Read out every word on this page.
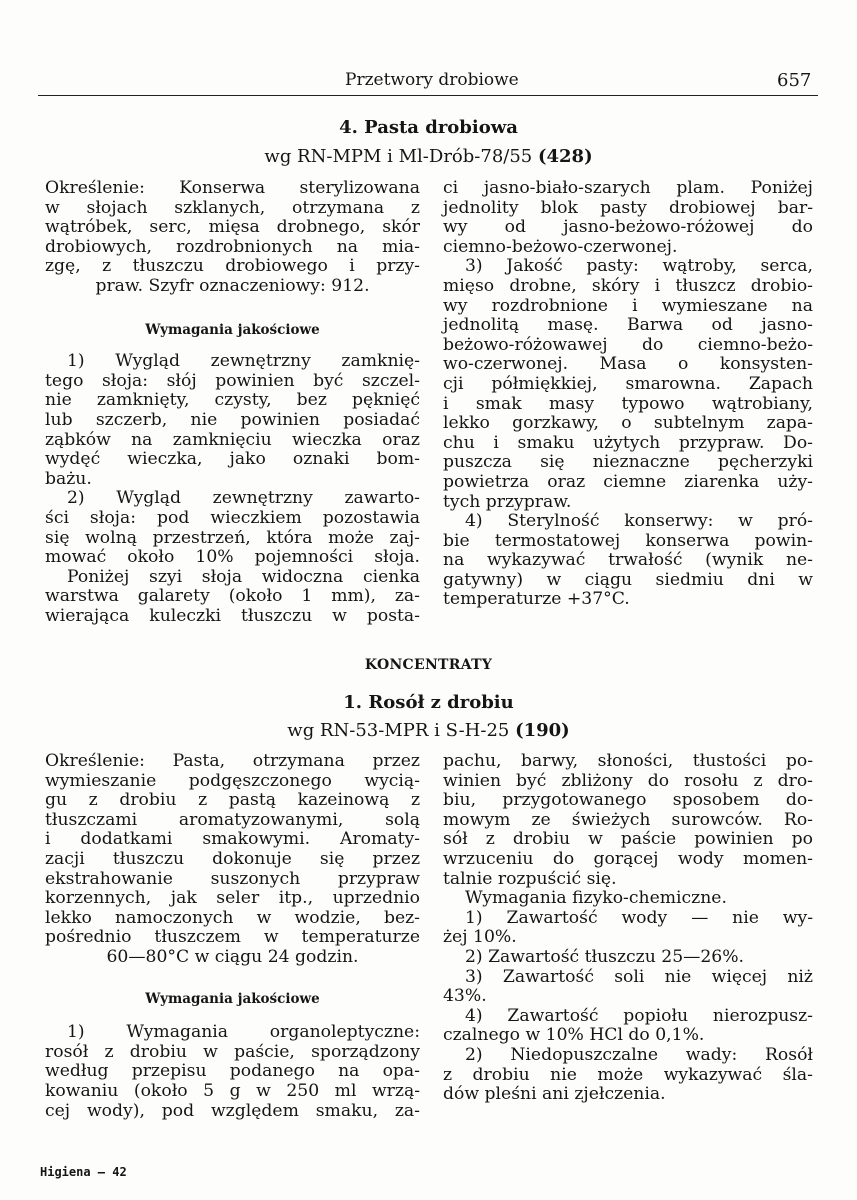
Przetwory drobiowe	657
4. Pasta drobiowa
wg RN-MPM i Ml-Drób-78/55 (428)
Określenie: Konserwa sterylizowana
w słojach szklanych, otrzymana z
wątróbek, serc, mięsa drobnego, skór
drobiowych, rozdrobnionych na mia-
zgę, z tłuszczu drobiowego i przy-
praw. Szyfr oznaczeniowy: 912.
Wymagania jakościowe
1) Wygląd zewnętrzny zamknię-
tego słoja: słój powinien być szczel-
nie zamknięty, czysty, bez pęknięć
lub szczerb, nie powinien posiadać
ząbków na zamknięciu wieczka oraz
wydęć wieczka, jako oznaki bom-
bażu.
2) Wygląd zewnętrzny zawarto-
ści słoja: pod wieczkiem pozostawia
się wolną przestrzeń, która może zaj-
mować około 10% pojemności słoja.
Poniżej szyi słoja widoczna cienka
warstwa galarety (około 1 mm), za-
wierająca kuleczki tłuszczu w posta-
ci jasno-biało-szarych plam. Poniżej
jednolity blok pasty drobiowej bar-
wy od jasno-beżowo-różowej do
ciemno-beżowo-czerwonej.
3) Jakość pasty: wątroby, serca,
mięso drobne, skóry i tłuszcz drobio-
wy rozdrobnione i wymieszane na
jednolitą masę. Barwa od jasno-
beżowo-różowawej do ciemno-beżo-
wo-czerwonej. Masa o konsysten-
cji półmiękkiej, smarowna. Zapach
i smak masy typowo wątrobiany,
lekko gorzkawy, o subtelnym zapa-
chu i smaku użytych przypraw. Do-
puszcza się nieznaczne pęcherzyki
powietrza oraz ciemne ziarenka uży-
tych przypraw.
4) Sterylność konserwy: w pró-
bie termostatowej konserwa powin-
na wykazywać trwałość (wynik ne-
gatywny) w ciągu siedmiu dni w
temperaturze +37°C.
KONCENTRATY
1. Rosół z drobiu
wg RN-53-MPR i S-H-25 (190)
Określenie: Pasta, otrzymana przez
wymieszanie podgęszczonego wycią-
gu z drobiu z pastą kazeinową z
tłuszczami aromatyzowanymi, solą
i dodatkami smakowymi. Aromaty-
zacji tłuszczu dokonuje się przez
ekstrahowanie suszonych przypraw
korzennych, jak seler itp., uprzednio
lekko namoczonych w wodzie, bez-
pośrednio tłuszczem w temperaturze
60—80°C w ciągu 24 godzin.
Wymagania jakościowe
1) Wymagania organoleptyczne:
rosół z drobiu w paście, sporządzony
według przepisu podanego na opa-
kowaniu (około 5 g w 250 ml wrzą-
cej wody), pod względem smaku, za-
pachu, barwy, słoności, tłustości po-
winien być zbliżony do rosołu z dro-
biu, przygotowanego sposobem do-
mowym ze świeżych surowców. Ro-
sół z drobiu w paście powinien po
wrzuceniu do gorącej wody momen-
talnie rozpuścić się.
Wymagania fizyko-chemiczne.
1) Zawartość wody — nie wy-
żej 10%.
2) Zawartość tłuszczu 25—26%.
3) Zawartość soli nie więcej niż
43%.
4) Zawartość popiołu nierozpusz-
czalnego w 10% HCl do 0,1%.
2) Niedopuszczalne wady: Rosół
z drobiu nie może wykazywać śla-
dów pleśni ani zjełczenia.
Higiena — 42
